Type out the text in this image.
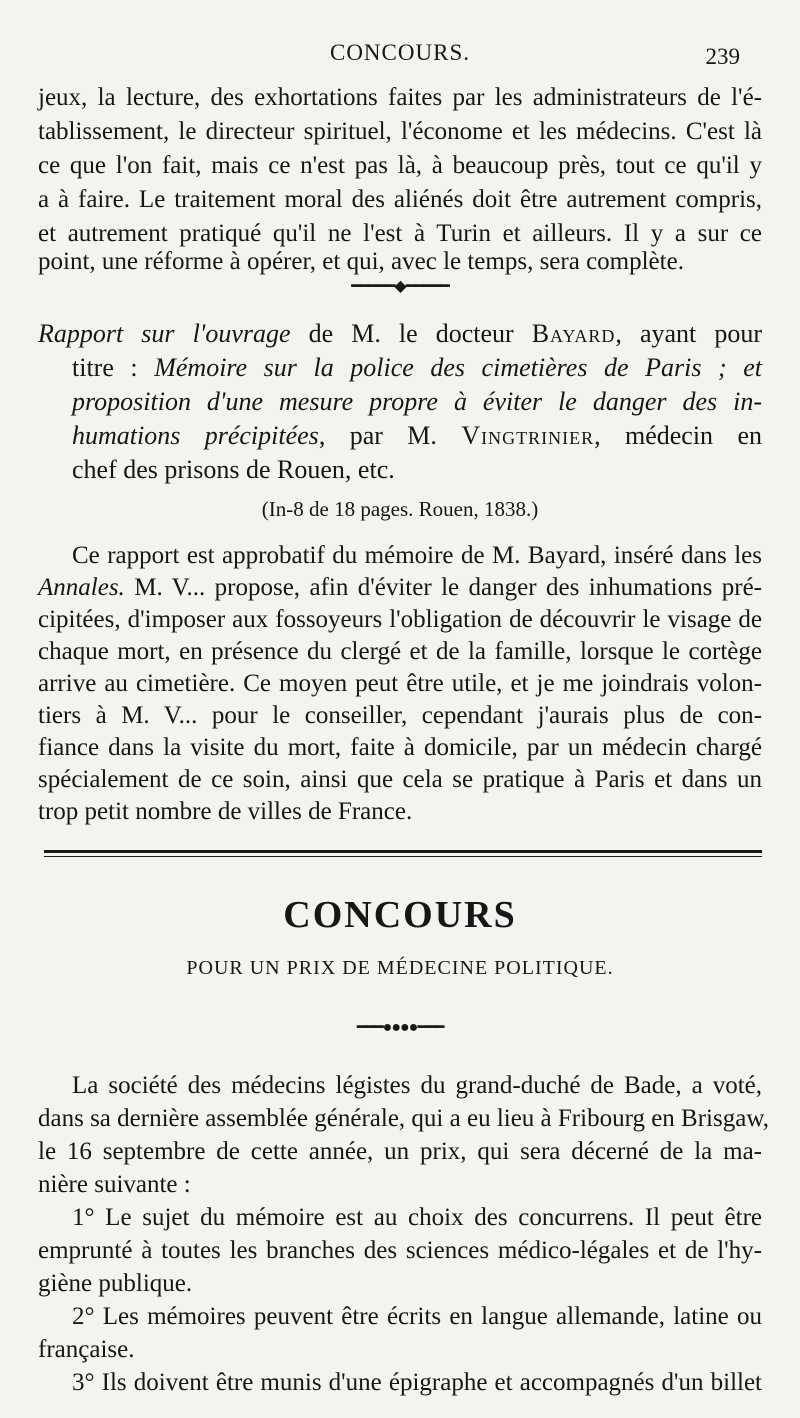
CONCOURS.	239
jeux, la lecture, des exhortations faites par les administrateurs de l'é-
tablissement, le directeur spirituel, l'économe et les médecins. C'est là
ce que l'on fait, mais ce n'est pas là, à beaucoup près, tout ce qu'il y
a à faire. Le traitement moral des aliénés doit être autrement compris,
et autrement pratiqué qu'il ne l'est à Turin et ailleurs. Il y a sur ce
point, une réforme à opérer, et qui, avec le temps, sera complète.
━━━━━◆━━━━━
Rapport sur l'ouvrage de M. le docteur Bayard, ayant pour
titre : Mémoire sur la police des cimetières de Paris ; et
proposition d'une mesure propre à éviter le danger des in-
humations précipitées, par M. Vingtrinier, médecin en
chef des prisons de Rouen, etc.
(In-8 de 18 pages. Rouen, 1838.)
Ce rapport est approbatif du mémoire de M. Bayard, inséré dans les
Annales. M. V... propose, afin d'éviter le danger des inhumations pré-
cipitées, d'imposer aux fossoyeurs l'obligation de découvrir le visage de
chaque mort, en présence du clergé et de la famille, lorsque le cortège
arrive au cimetière. Ce moyen peut être utile, et je me joindrais volon-
tiers à M. V... pour le conseiller, cependant j'aurais plus de con-
fiance dans la visite du mort, faite à domicile, par un médecin chargé
spécialement de ce soin, ainsi que cela se pratique à Paris et dans un
trop petit nombre de villes de France.
CONCOURS
POUR UN PRIX DE MÉDECINE POLITIQUE.
━━━●●●●━━━
La société des médecins légistes du grand-duché de Bade, a voté,
dans sa dernière assemblée générale, qui a eu lieu à Fribourg en Brisgaw,
le 16 septembre de cette année, un prix, qui sera décerné de la ma-
nière suivante :
1° Le sujet du mémoire est au choix des concurrens. Il peut être
emprunté à toutes les branches des sciences médico-légales et de l'hy-
giène publique.
2° Les mémoires peuvent être écrits en langue allemande, latine ou
française.
3° Ils doivent être munis d'une épigraphe et accompagnés d'un billet
